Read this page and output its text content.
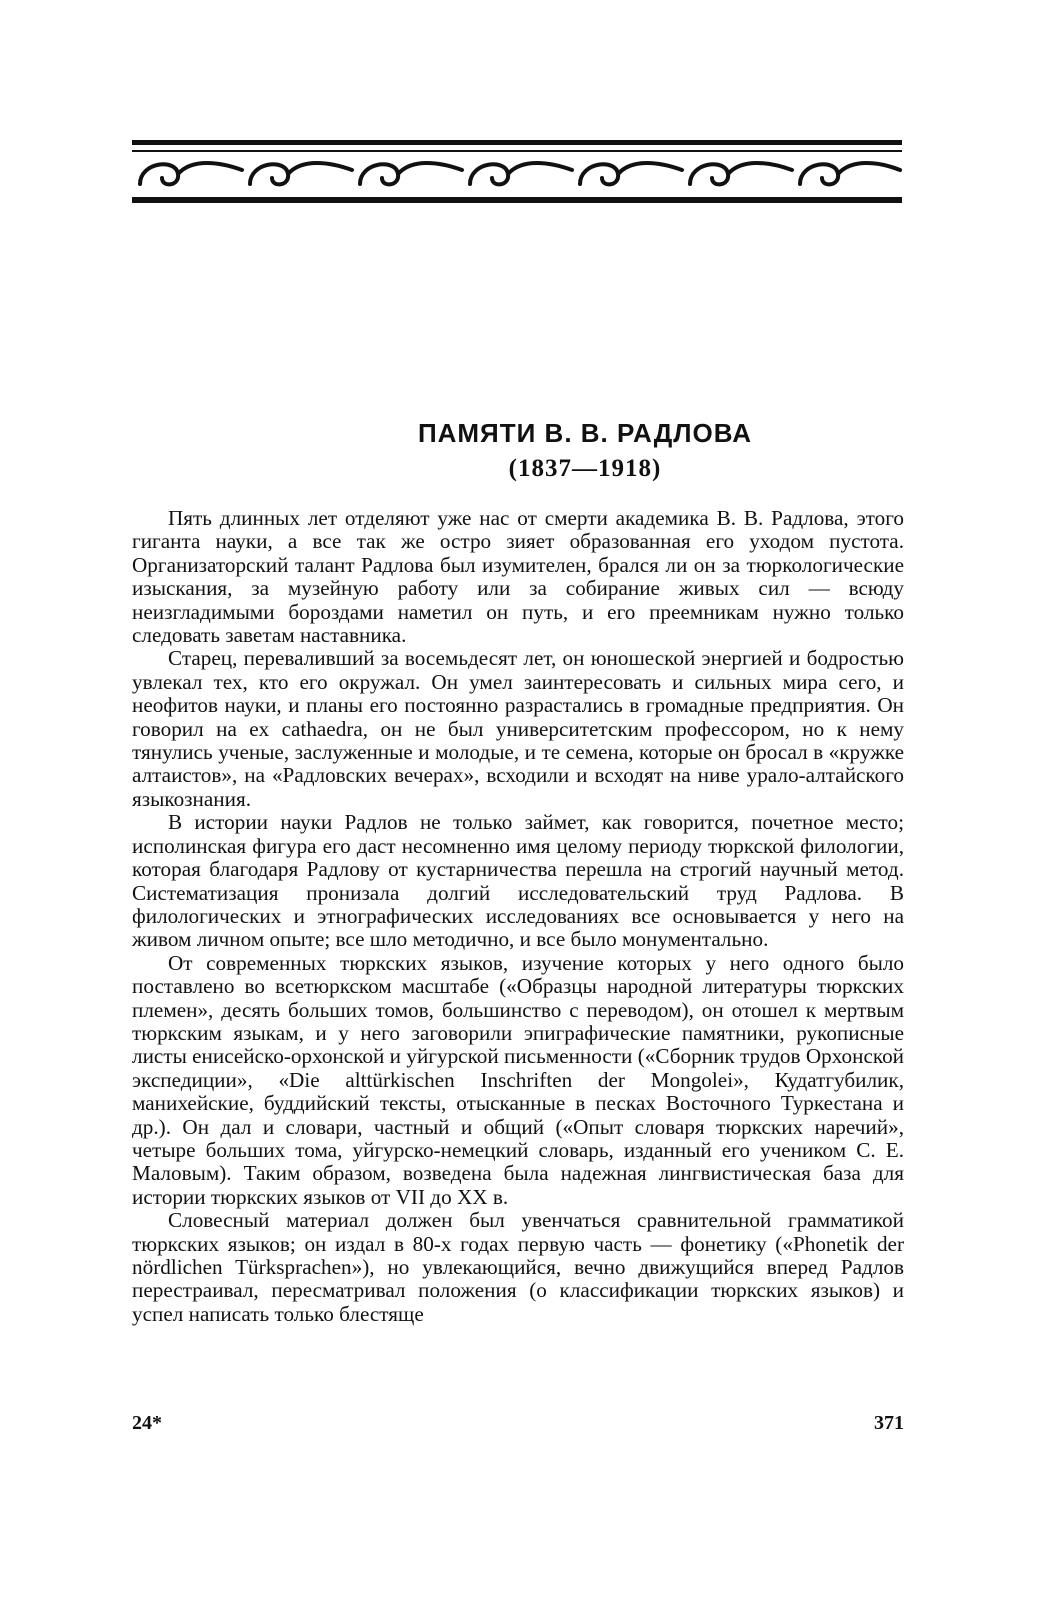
ПАМЯТИ В. В. РАДЛОВА
(1837—1918)

Пять длинных лет отделяют уже нас от смерти академика В. В. Радлова, этого гиганта науки, а все так же остро зияет образованная его уходом пустота. Организаторский талант Радлова был изумителен, брался ли он за тюркологические изыскания, за музейную работу или за собирание живых сил — всюду неизгладимыми бороздами наметил он путь, и его преемникам нужно только следовать заветам наставника.

Старец, переваливший за восемьдесят лет, он юношеской энергией и бодростью увлекал тех, кто его окружал. Он умел заинтересовать и сильных мира сего, и неофитов науки, и планы его постоянно разрастались в громадные предприятия. Он говорил на ex cathaedra, он не был университетским профессором, но к нему тянулись ученые, заслуженные и молодые, и те семена, которые он бросал в «кружке алтаистов», на «Радловских вечерах», всходили и всходят на ниве урало-алтайского языкознания.

В истории науки Радлов не только займет, как говорится, почетное место; исполинская фигура его даст несомненно имя целому периоду тюркской филологии, которая благодаря Радлову от кустарничества перешла на строгий научный метод. Систематизация пронизала долгий исследовательский труд Радлова. В филологических и этнографических исследованиях все основывается у него на живом личном опыте; все шло методично, и все было монументально.

От современных тюркских языков, изучение которых у него одного было поставлено во всетюркском масштабе («Образцы народной литературы тюркских племен», десять больших томов, большинство с переводом), он отошел к мертвым тюркским языкам, и у него заговорили эпиграфические памятники, рукописные листы енисейско-орхонской и уйгурской письменности («Сборник трудов Орхонской экспедиции», «Die alttürkischen Inschriften der Mongolei», Кудатгубилик, манихейские, буддийский тексты, отысканные в песках Восточного Туркестана и др.). Он дал и словари, частный и общий («Опыт словаря тюркских наречий», четыре больших тома, уйгурско-немецкий словарь, изданный его учеником С. Е. Маловым). Таким образом, возведена была надежная лингвистическая база для истории тюркских языков от VII до XX в.

Словесный материал должен был увенчаться сравнительной грамматикой тюркских языков; он издал в 80-х годах первую часть — фонетику («Phonetik der nördlichen Türksprachen»), но увлекающийся, вечно движущийся вперед Радлов перестраивал, пересматривал положения (о классификации тюркских языков) и успел написать только блестяще

24*	371
